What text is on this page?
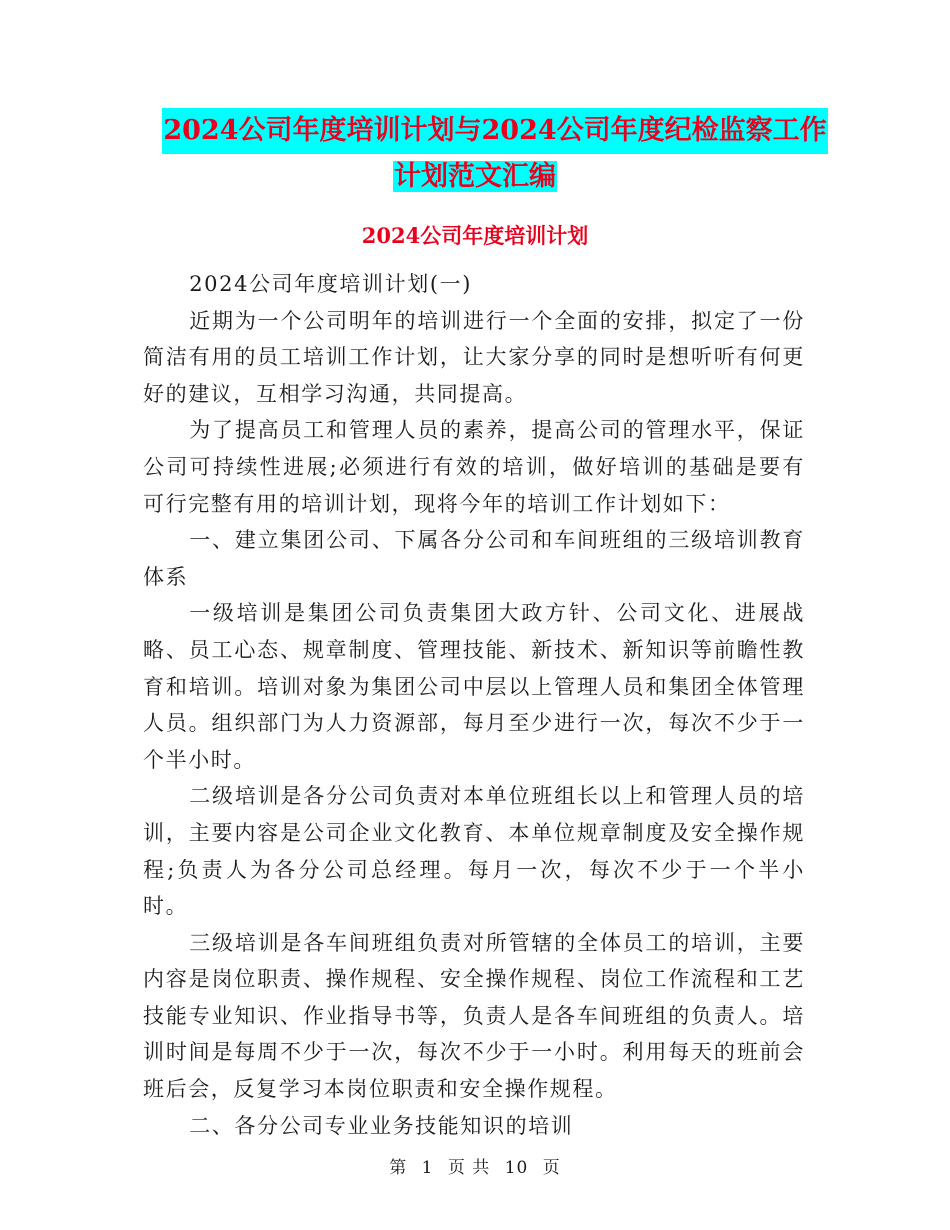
2024公司年度培训计划与2024公司年度纪检监察工作
计划范文汇编
2024公司年度培训计划

2024公司年度培训计划(一)

近期为一个公司明年的培训进行一个全面的安排，拟定了一份简洁有用的员工培训工作计划，让大家分享的同时是想听听有何更好的建议，互相学习沟通，共同提高。

为了提高员工和管理人员的素养，提高公司的管理水平，保证公司可持续性进展;必须进行有效的培训，做好培训的基础是要有可行完整有用的培训计划，现将今年的培训工作计划如下：

一、建立集团公司、下属各分公司和车间班组的三级培训教育体系

一级培训是集团公司负责集团大政方针、公司文化、进展战略、员工心态、规章制度、管理技能、新技术、新知识等前瞻性教育和培训。培训对象为集团公司中层以上管理人员和集团全体管理人员。组织部门为人力资源部，每月至少进行一次，每次不少于一个半小时。

二级培训是各分公司负责对本单位班组长以上和管理人员的培训，主要内容是公司企业文化教育、本单位规章制度及安全操作规程;负责人为各分公司总经理。每月一次，每次不少于一个半小时。

三级培训是各车间班组负责对所管辖的全体员工的培训，主要内容是岗位职责、操作规程、安全操作规程、岗位工作流程和工艺技能专业知识、作业指导书等，负责人是各车间班组的负责人。培训时间是每周不少于一次，每次不少于一小时。利用每天的班前会班后会，反复学习本岗位职责和安全操作规程。

二、各分公司专业业务技能知识的培训

第 1 页 共 10 页
